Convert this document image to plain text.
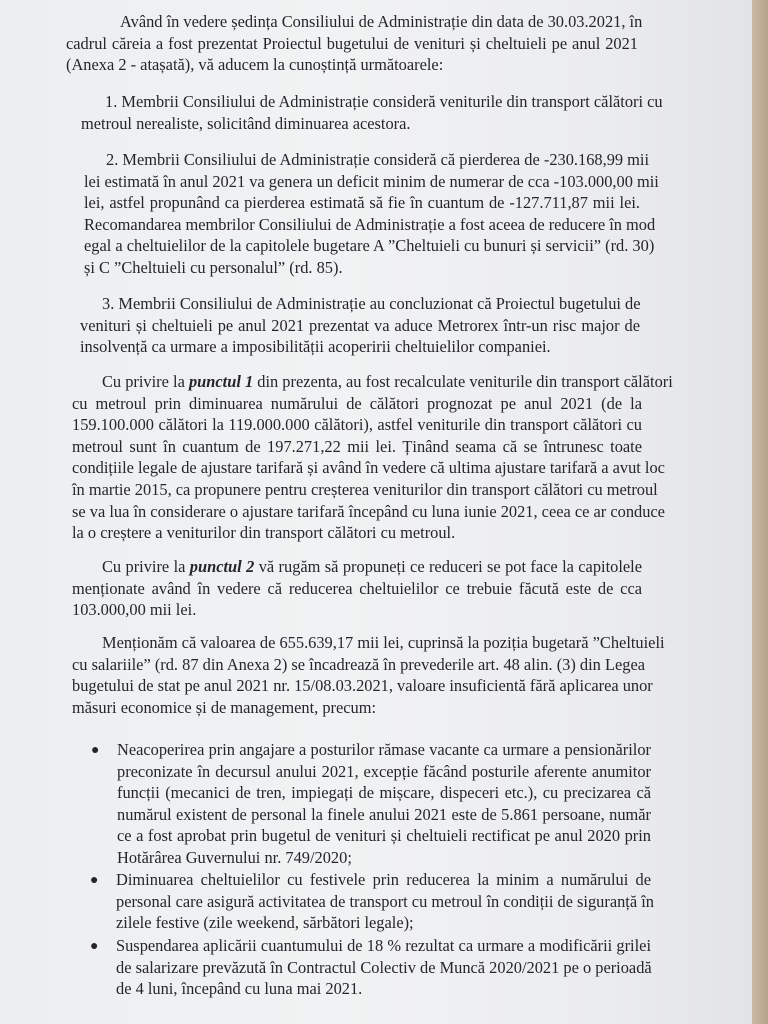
Având în vedere ședința Consiliului de Administrație din data de 30.03.2021, în
cadrul căreia a fost prezentat Proiectul bugetului de venituri și cheltuieli pe anul 2021
(Anexa 2 - atașată), vă aducem la cunoștință următoarele:
1. Membrii Consiliului de Administrație consideră veniturile din transport călători cu
metroul nerealiste, solicitând diminuarea acestora.
2. Membrii Consiliului de Administrație consideră că pierderea de -230.168,99 mii
lei estimată în anul 2021 va genera un deficit minim de numerar de cca -103.000,00 mii
lei, astfel propunând ca pierderea estimată să fie în cuantum de -127.711,87 mii lei.
Recomandarea membrilor Consiliului de Administrație a fost aceea de reducere în mod
egal a cheltuielilor de la capitolele bugetare A ”Cheltuieli cu bunuri și servicii” (rd. 30)
și C ”Cheltuieli cu personalul” (rd. 85).
3. Membrii Consiliului de Administrație au concluzionat că Proiectul bugetului de
venituri și cheltuieli pe anul 2021 prezentat va aduce Metrorex într-un risc major de
insolvență ca urmare a imposibilității acoperirii cheltuielilor companiei.
Cu privire la punctul 1 din prezenta, au fost recalculate veniturile din transport călători
cu metroul prin diminuarea numărului de călători prognozat pe anul 2021 (de la
159.100.000 călători la 119.000.000 călători), astfel veniturile din transport călători cu
metroul sunt în cuantum de 197.271,22 mii lei. Ținând seama că se întrunesc toate
condițiile legale de ajustare tarifară și având în vedere că ultima ajustare tarifară a avut loc
în martie 2015, ca propunere pentru creșterea veniturilor din transport călători cu metroul
se va lua în considerare o ajustare tarifară începând cu luna iunie 2021, ceea ce ar conduce
la o creștere a veniturilor din transport călători cu metroul.
Cu privire la punctul 2 vă rugăm să propuneți ce reduceri se pot face la capitolele
menționate având în vedere că reducerea cheltuielilor ce trebuie făcută este de cca
103.000,00 mii lei.
Menționăm că valoarea de 655.639,17 mii lei, cuprinsă la poziția bugetară ”Cheltuieli
cu salariile” (rd. 87 din Anexa 2) se încadrează în prevederile art. 48 alin. (3) din Legea
bugetului de stat pe anul 2021 nr. 15/08.03.2021, valoare insuficientă fără aplicarea unor
măsuri economice și de management, precum:
● Neacoperirea prin angajare a posturilor rămase vacante ca urmare a pensionărilor
preconizate în decursul anului 2021, excepție făcând posturile aferente anumitor
funcții (mecanici de tren, impiegați de mișcare, dispeceri etc.), cu precizarea că
numărul existent de personal la finele anului 2021 este de 5.861 persoane, număr
ce a fost aprobat prin bugetul de venituri și cheltuieli rectificat pe anul 2020 prin
Hotărârea Guvernului nr. 749/2020;
● Diminuarea cheltuielilor cu festivele prin reducerea la minim a numărului de
personal care asigură activitatea de transport cu metroul în condiții de siguranță în
zilele festive (zile weekend, sărbători legale);
● Suspendarea aplicării cuantumului de 18 % rezultat ca urmare a modificării grilei
de salarizare prevăzută în Contractul Colectiv de Muncă 2020/2021 pe o perioadă
de 4 luni, începând cu luna mai 2021.
